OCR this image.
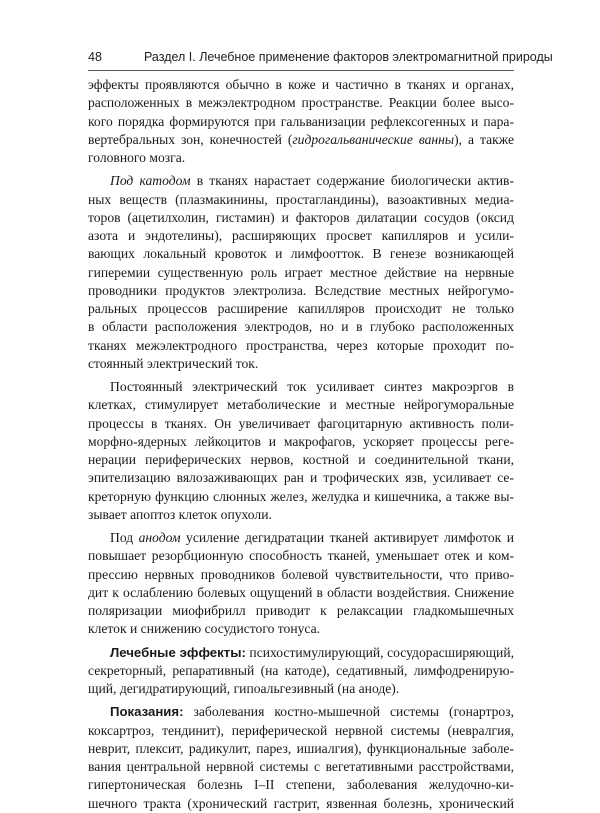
48	Раздел I. Лечебное применение факторов электромагнитной природы

эффекты проявляются обычно в коже и частично в тканях и органах,
расположенных в межэлектродном пространстве. Реакции более высо-
кого порядка формируются при гальванизации рефлексогенных и пара-
вертебральных зон, конечностей (гидрогальванические ванны), а также
головного мозга.

Под катодом в тканях нарастает содержание биологически актив-
ных веществ (плазмакинины, простагландины), вазоактивных медиа-
торов (ацетилхолин, гистамин) и факторов дилатации сосудов (оксид
азота и эндотелины), расширяющих просвет капилляров и усили-
вающих локальный кровоток и лимфоотток. В генезе возникающей
гиперемии существенную роль играет местное действие на нервные
проводники продуктов электролиза. Вследствие местных нейрогумо-
ральных процессов расширение капилляров происходит не только
в области расположения электродов, но и в глубоко расположенных
тканях межэлектродного пространства, через которые проходит по-
стоянный электрический ток.

Постоянный электрический ток усиливает синтез макроэргов в
клетках, стимулирует метаболические и местные нейрогуморальные
процессы в тканях. Он увеличивает фагоцитарную активность поли-
морфно-ядерных лейкоцитов и макрофагов, ускоряет процессы регe-
нерации периферических нервов, костной и соединительной ткани,
эпителизацию вялозаживающих ран и трофических язв, усиливает се-
креторную функцию слюнных желез, желудка и кишечника, а также вы-
зывает апоптоз клеток опухоли.

Под анодом усиление дегидратации тканей активирует лимфоток и
повышает резорбционную способность тканей, уменьшает отек и ком-
прессию нервных проводников болевой чувствительности, что приво-
дит к ослаблению болевых ощущений в области воздействия. Снижение
поляризации миофибрилл приводит к релаксации гладкомышечных
клеток и снижению сосудистого тонуса.

Лечебные эффекты: психостимулирующий, сосудорасширяющий,
секреторный, репаративный (на катоде), седативный, лимфодренирую-
щий, дегидратирующий, гипоальгезивный (на аноде).

Показания: заболевания костно-мышечной системы (гонартроз,
коксартроз, тендинит), периферической нервной системы (невралгия,
неврит, плексит, радикулит, парез, ишиалгия), функциональные заболе-
вания центральной нервной системы с вегетативными расстройствами,
гипертоническая болезнь I–II степени, заболевания желудочно-ки-
шечного тракта (хронический гастрит, язвенная болезнь, хронический
